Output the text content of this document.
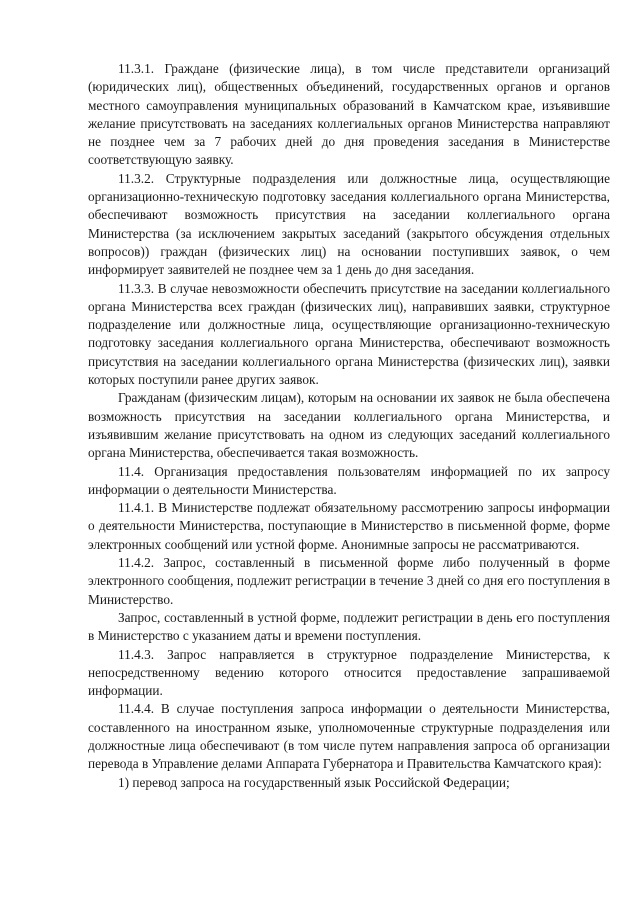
11.3.1. Граждане (физические лица), в том числе представители организаций (юридических лиц), общественных объединений, государственных органов и органов местного самоуправления муниципальных образований в Камчатском крае, изъявившие желание присутствовать на заседаниях коллегиальных органов Министерства направляют не позднее чем за 7 рабочих дней до дня проведения заседания в Министерстве соответствующую заявку.

11.3.2. Структурные подразделения или должностные лица, осуществляющие организационно-техническую подготовку заседания коллегиального органа Министерства, обеспечивают возможность присутствия на заседании коллегиального органа Министерства (за исключением закрытых заседаний (закрытого обсуждения отдельных вопросов)) граждан (физических лиц) на основании поступивших заявок, о чем информирует заявителей не позднее чем за 1 день до дня заседания.

11.3.3. В случае невозможности обеспечить присутствие на заседании коллегиального органа Министерства всех граждан (физических лиц), направивших заявки, структурное подразделение или должностные лица, осуществляющие организационно-техническую подготовку заседания коллегиального органа Министерства, обеспечивают возможность присутствия на заседании коллегиального органа Министерства (физических лиц), заявки которых поступили ранее других заявок.

Гражданам (физическим лицам), которым на основании их заявок не была обеспечена возможность присутствия на заседании коллегиального органа Министерства, и изъявившим желание присутствовать на одном из следующих заседаний коллегиального органа Министерства, обеспечивается такая возможность.

11.4. Организация предоставления пользователям информацией по их запросу информации о деятельности Министерства.

11.4.1. В Министерстве подлежат обязательному рассмотрению запросы информации о деятельности Министерства, поступающие в Министерство в письменной форме, форме электронных сообщений или устной форме. Анонимные запросы не рассматриваются.

11.4.2. Запрос, составленный в письменной форме либо полученный в форме электронного сообщения, подлежит регистрации в течение 3 дней со дня его поступления в Министерство.

Запрос, составленный в устной форме, подлежит регистрации в день его поступления в Министерство с указанием даты и времени поступления.

11.4.3. Запрос направляется в структурное подразделение Министерства, к непосредственному ведению которого относится предоставление запрашиваемой информации.

11.4.4. В случае поступления запроса информации о деятельности Министерства, составленного на иностранном языке, уполномоченные структурные подразделения или должностные лица обеспечивают (в том числе путем направления запроса об организации перевода в Управление делами Аппарата Губернатора и Правительства Камчатского края):

1) перевод запроса на государственный язык Российской Федерации;
